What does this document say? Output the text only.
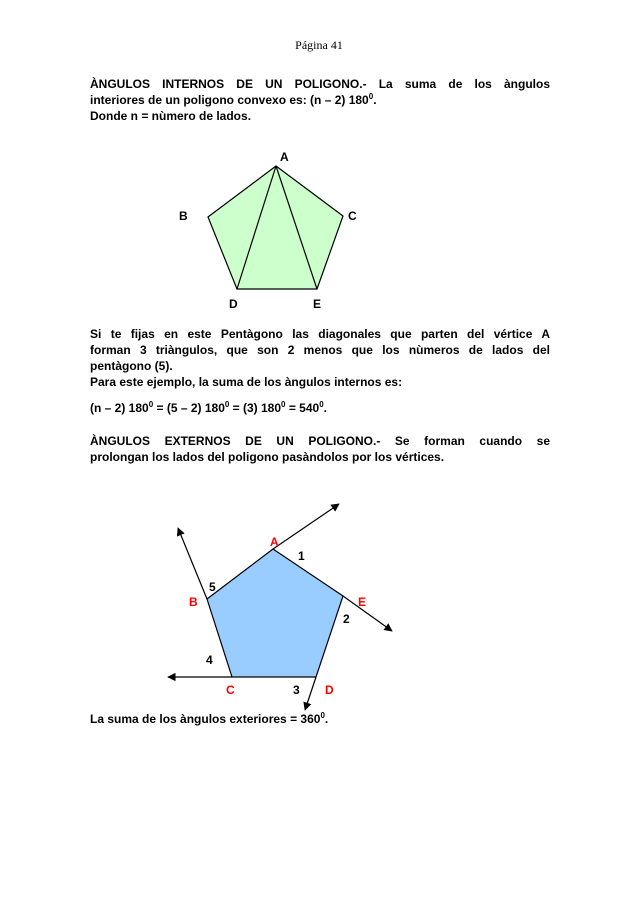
Página 41
ÀNGULOS INTERNOS DE UN POLIGONO.- La suma de los àngulos
interiores de un poligono convexo es: (n – 2) $180^0$.
Donde n = nùmero de lados.
A
B	C
D	E
Si te fijas en este Pentàgono las diagonales que parten del vértice A
forman 3 triàngulos, que son 2 menos que los nùmeros de lados del
pentàgono (5).
Para este ejemplo, la suma de los àngulos internos es:
(n – 2) $180^0 = (5 - 2) 180^0 = (3) 180^0 = 540^0$.
ÀNGULOS EXTERNOS DE UN POLIGONO.- Se forman cuando se
prolongan los lados del poligono pasàndolos por los vértices.
A
B	E
C	D
1
2
3
4
5
La suma de los àngulos exteriores = $360^0$.
